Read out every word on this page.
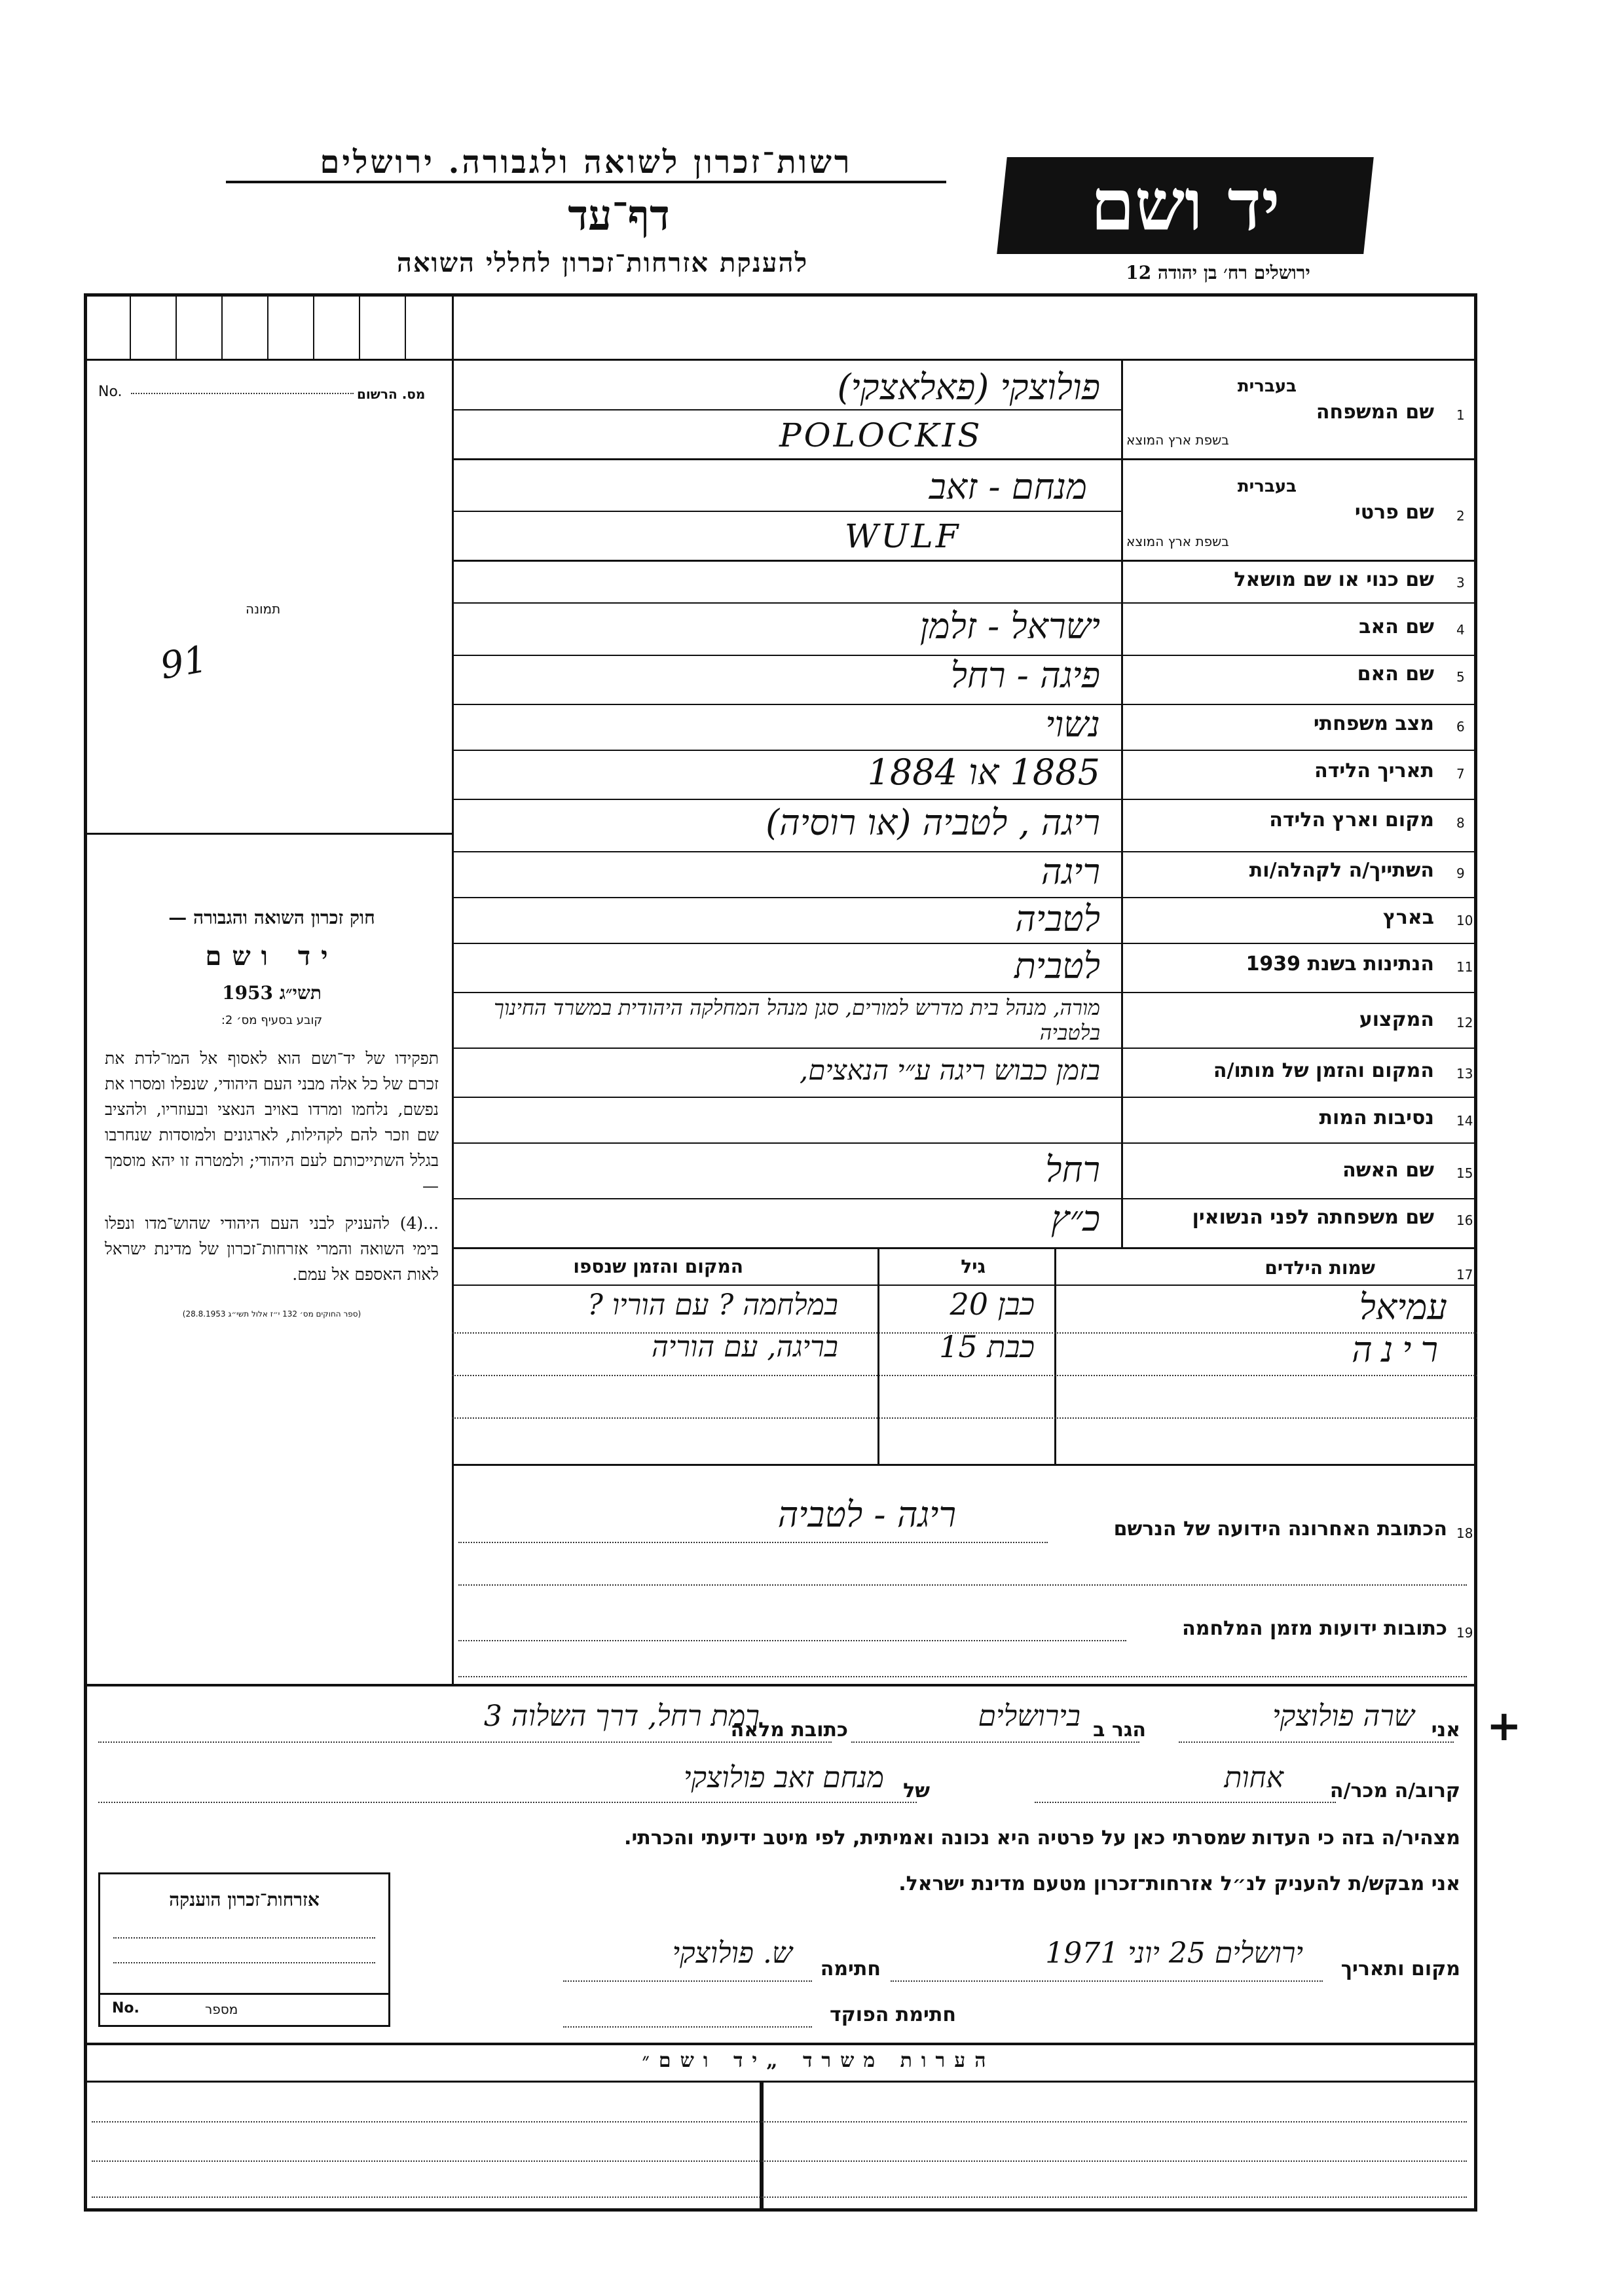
רשות־זכרון לשואה ולגבורה. ירושלים
דף־עד
להענקת אזרחות־זכרון לחללי השואה
יד ושם
ירושלים רח׳ בן יהודה 12
No.	מס. הרשום
תמונה
91
חוק זכרון השואה והגבורה —
יד ושם
תשי״ג 1953
קובע בסעיף מס׳ 2:
תפקידו של יד־ושם הוא לאסוף אל המו־לדת את זכרם של כל אלה מבני העם היהודי, שנפלו ומסרו את נפשם, נלחמו ומרדו באויב הנאצי ובעוזריו, ולהציב שם וזכר להם לקהילות, לארגונים ולמוסדות שנחרבו בגלל השתייכותם לעם היהודי; ולמטרה זו יהא מוסמך —
...(4) להעניק לבני העם היהודי שהוש־מדו ונפלו בימי השואה והמרי אזרחות־זכרון של מדינת ישראל לאות האספם אל עמם.
(ספר החוקים מס׳ 132 י״ז אלול תשי״ג 28.8.1953)
שם המשפחה 1
בעברית
בשפת ארץ המוצא
פולוצקי (פאלאצקי)
POLOCKIS
שם פרטי 2
בעברית
בשפת ארץ המוצא
מנחם - זאב
WULF
שם כנוי או שם מושאל 3
שם האב 4
ישראל - זלמן
שם האם 5
פיגה - רחל
מצב משפחתי 6
נשוי
תאריך הלידה 7
1885 או 1884
מקום וארץ הלידה 8
ריגה , לטביה (או רוסיה)
השתייך/ה לקהלה/ות 9
ריגה
בארץ 10
לטביה
הנתינות בשנת 1939 11
לטבית
המקצוע 12
מורה, מנהל בית מדרש למורים, סגן מנהל המחלקה היהודית במשרד החינוך בלטביה
המקום והזמן של מותו/ה 13
בזמן כבוש ריגה ע״י הנאצים,
נסיבות המות 14
שם האשה 15
רחל
שם משפחתה לפני הנשואין 16
כ״ץ
17
שמות הילדים
גיל
המקום והזמן שנספו
עמיאל
כבן 20
במלחמה ? עם הוריו ?
רינה
כבת 15
בריגה, עם הוריה
18
הכתובת האחרונה הידועה של הנרשם
ריגה - לטביה
19
כתובות ידועות מזמן המלחמה
+
אני
שרה פולוצקי
הגר ב
בירושלים
כתובת מלאה
רמת רחל, דרך השלוה 3
קרוב/ה מכר/ה
אחות
של
מנחם זאב פולוצקי
מצהיר/ה בזה כי העדות שמסרתי כאן על פרטיה היא נכונה ואמיתית, לפי מיטב ידיעתי והכרתי.
אני מבקש/ת להעניק לנ״ל אזרחות־זכרון מטעם מדינת ישראל.
מקום ותאריך
ירושלים 25 יוני 1971
חתימה
ש. פולוצקי
חתימת הפוקד
אזרחות־זכרון הוענקה
No.	מספר
הערות משרד „יד ושם״
